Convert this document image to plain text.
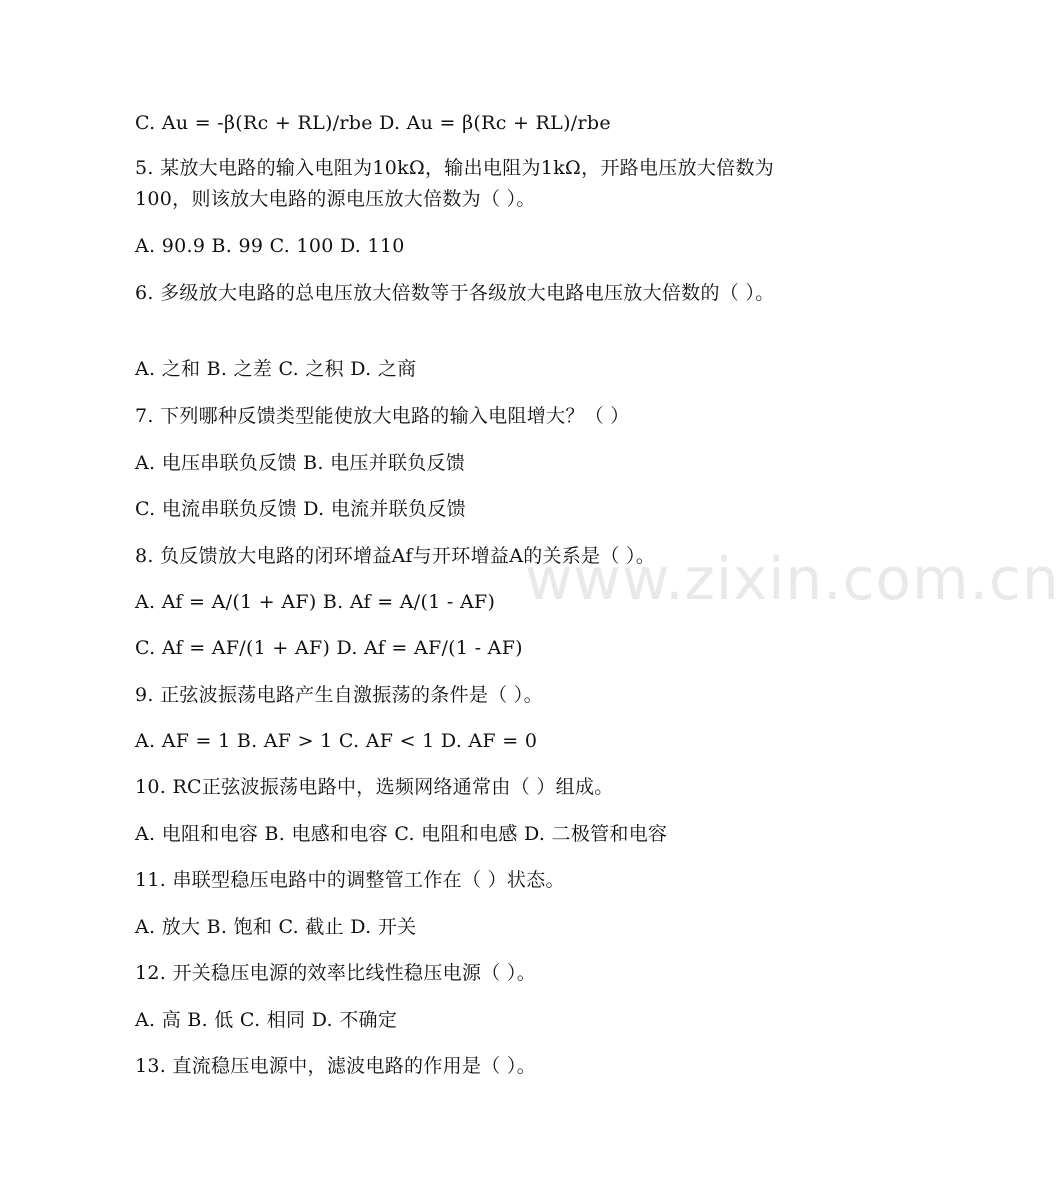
www.zixin.com.cn
C. Au = -β(Rc + RL)/rbe D. Au = β(Rc + RL)/rbe
5. 某放大电路的输入电阻为10kΩ，输出电阻为1kΩ，开路电压放大倍数为100，则该放大电路的源电压放大倍数为（ ）。
A. 90.9 B. 99 C. 100 D. 110
6. 多级放大电路的总电压放大倍数等于各级放大电路电压放大倍数的（ ）。
A. 之和 B. 之差 C. 之积 D. 之商
7. 下列哪种反馈类型能使放大电路的输入电阻增大？（ ）
A. 电压串联负反馈 B. 电压并联负反馈
C. 电流串联负反馈 D. 电流并联负反馈
8. 负反馈放大电路的闭环增益Af与开环增益A的关系是（ ）。
A. Af = A/(1 + AF) B. Af = A/(1 - AF)
C. Af = AF/(1 + AF) D. Af = AF/(1 - AF)
9. 正弦波振荡电路产生自激振荡的条件是（ ）。
A. AF = 1 B. AF > 1 C. AF < 1 D. AF = 0
10. RC正弦波振荡电路中，选频网络通常由（ ）组成。
A. 电阻和电容 B. 电感和电容 C. 电阻和电感 D. 二极管和电容
11. 串联型稳压电路中的调整管工作在（ ）状态。
A. 放大 B. 饱和 C. 截止 D. 开关
12. 开关稳压电源的效率比线性稳压电源（ ）。
A. 高 B. 低 C. 相同 D. 不确定
13. 直流稳压电源中，滤波电路的作用是（ ）。
